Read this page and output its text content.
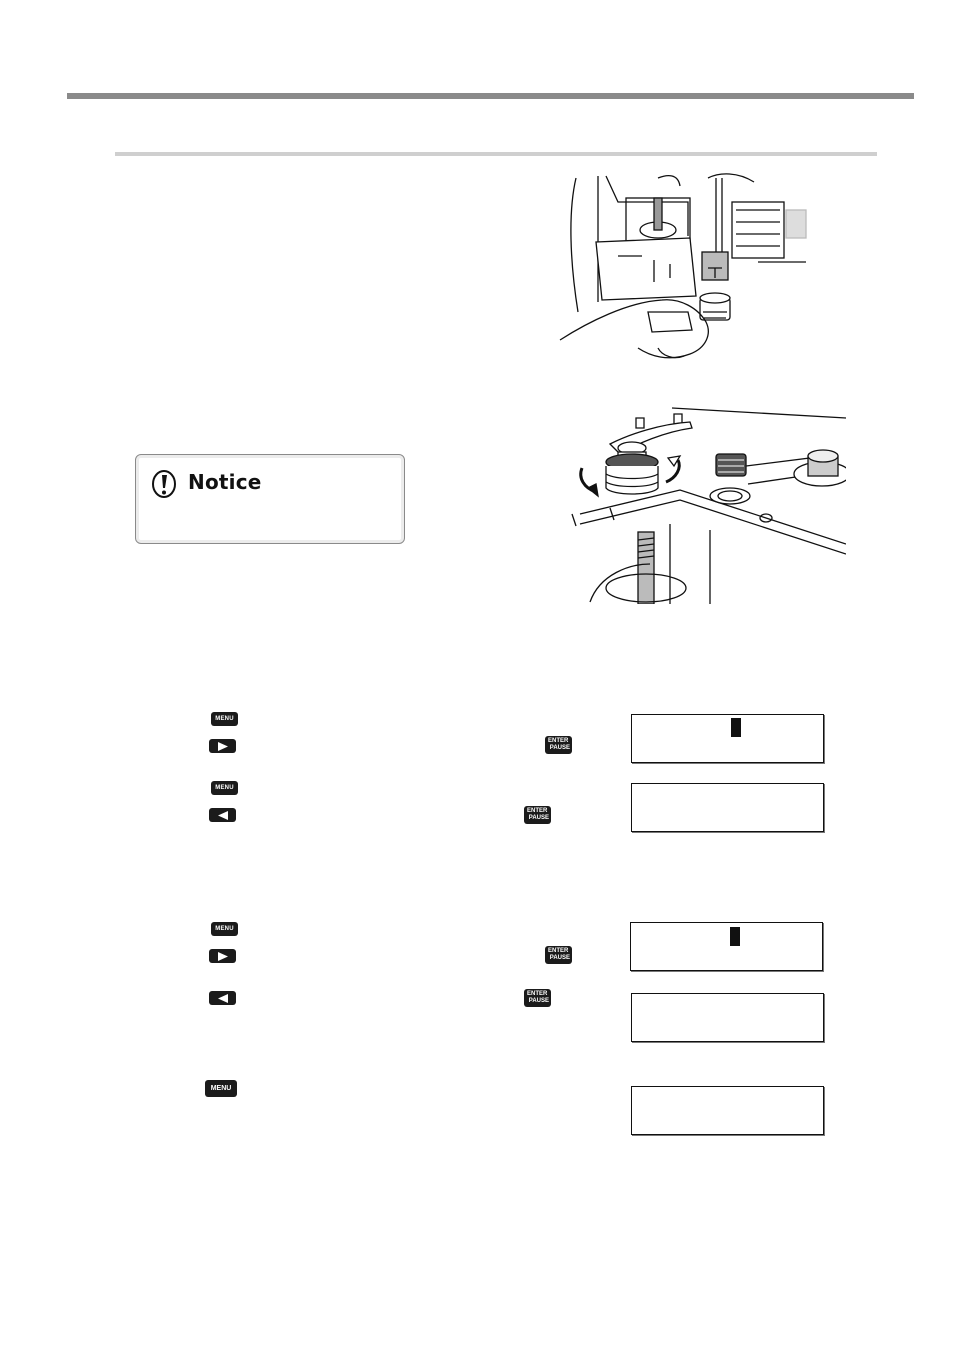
Notice
MENU
ENTER
PAUSE
MENU
ENTER
PAUSE
MENU
ENTER
PAUSE
ENTER
PAUSE
MENU
